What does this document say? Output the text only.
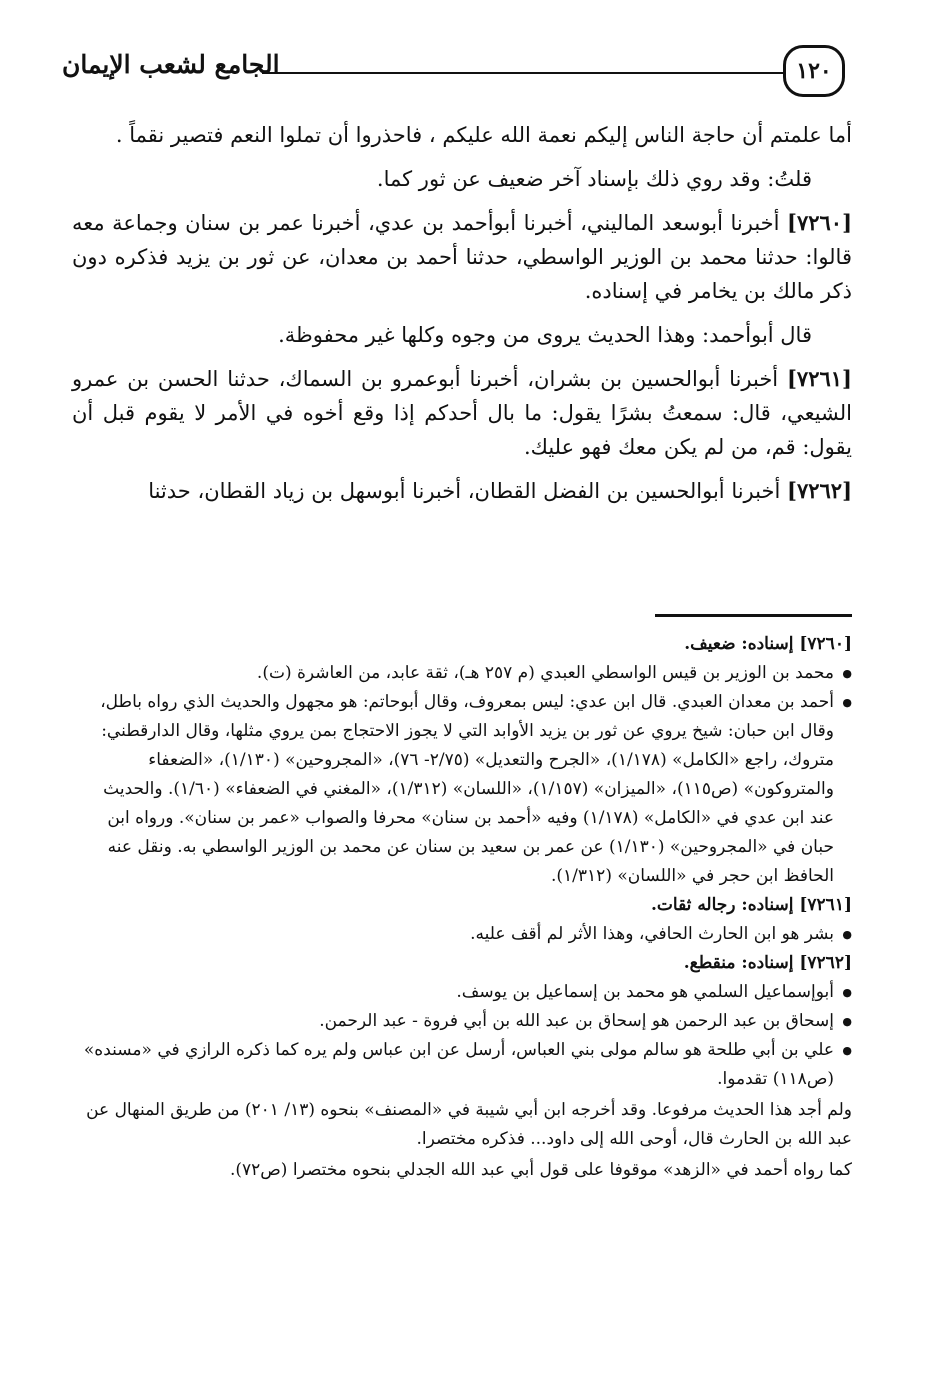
١٢٠
الجامع لشعب الإيمان

أما علمتم أن حاجة الناس إليكم نعمة الله عليكم ، فاحذروا أن تملوا النعم فتصير نقماً .

قلتُ: وقد روي ذلك بإسناد آخر ضعيف عن ثور كما.

[٧٢٦٠] أخبرنا أبوسعد الماليني، أخبرنا أبوأحمد بن عدي، أخبرنا عمر بن سنان وجماعة معه قالوا: حدثنا محمد بن الوزير الواسطي، حدثنا أحمد بن معدان، عن ثور بن يزيد فذكره دون ذكر مالك بن يخامر في إسناده.

قال أبوأحمد: وهذا الحديث يروى من وجوه وكلها غير محفوظة.

[٧٢٦١] أخبرنا أبوالحسين بن بشران، أخبرنا أبوعمرو بن السماك، حدثنا الحسن بن عمرو الشيعي، قال: سمعتُ بشرًا يقول: ما بال أحدكم إذا وقع أخوه في الأمر لا يقوم قبل أن يقول: قم، من لم يكن معك فهو عليك.

[٧٢٦٢] أخبرنا أبوالحسين بن الفضل القطان، أخبرنا أبوسهل بن زياد القطان، حدثنا

[٧٢٦٠] إسناده: ضعيف.

● محمد بن الوزير بن قيس الواسطي العبدي (م ٢٥٧ هـ)، ثقة عابد، من العاشرة (ت).
● أحمد بن معدان العبدي. قال ابن عدي: ليس بمعروف، وقال أبوحاتم: هو مجهول والحديث الذي رواه باطل، وقال ابن حبان: شيخ يروي عن ثور بن يزيد الأوابد التي لا يجوز الاحتجاج بمن يروي مثلها، وقال الدارقطني: متروك، راجع «الكامل» (١/١٧٨)، «الجرح والتعديل» (٢/٧٥- ٧٦)، «المجروحين» (١/١٣٠)، «الضعفاء والمتروكون» (ص١١٥)، «الميزان» (١/١٥٧)، «اللسان» (١/٣١٢)، «المغني في الضعفاء» (١/٦٠). والحديث عند ابن عدي في «الكامل» (١/١٧٨) وفيه «أحمد بن سنان» محرفا والصواب «عمر بن سنان». ورواه ابن حبان في «المجروحين» (١/١٣٠) عن عمر بن سعيد بن سنان عن محمد بن الوزير الواسطي به. ونقل عنه الحافظ ابن حجر في «اللسان» (١/٣١٢).

[٧٢٦١] إسناده: رجاله ثقات.

● بشر هو ابن الحارث الحافي، وهذا الأثر لم أقف عليه.

[٧٢٦٢] إسناده: منقطع.

● أبوإسماعيل السلمي هو محمد بن إسماعيل بن يوسف.
● إسحاق بن عبد الرحمن هو إسحاق بن عبد الله بن أبي فروة - عبد الرحمن.
● علي بن أبي طلحة هو سالم مولى بني العباس، أرسل عن ابن عباس ولم يره كما ذكره الرازي في «مسنده» (ص١١٨) تقدموا.

ولم أجد هذا الحديث مرفوعا. وقد أخرجه ابن أبي شيبة في «المصنف» بنحوه (١٣/ ٢٠١) من طريق المنهال عن عبد الله بن الحارث قال، أوحى الله إلى داود... فذكره مختصرا.

كما رواه أحمد في «الزهد» موقوفا على قول أبي عبد الله الجدلي بنحوه مختصرا (ص٧٢).
